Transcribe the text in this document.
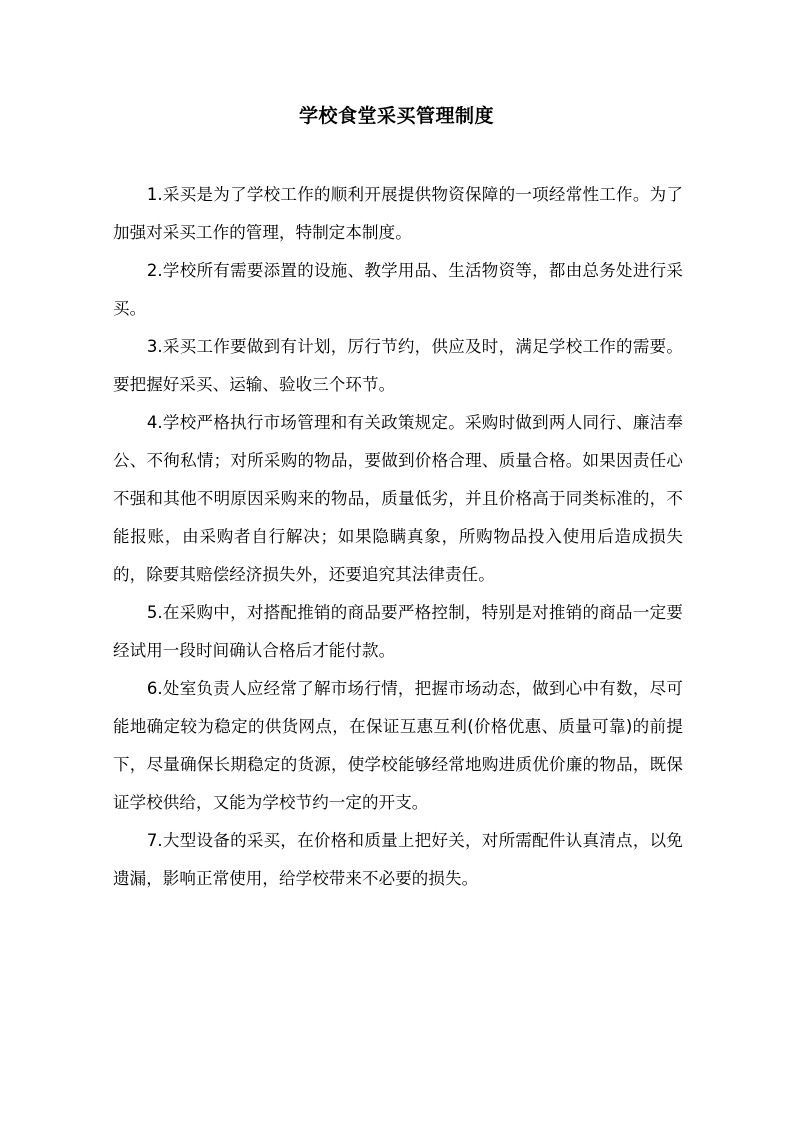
学校食堂采买管理制度

1.采买是为了学校工作的顺利开展提供物资保障的一项经常性工作。为了加强对采买工作的管理，特制定本制度。

2.学校所有需要添置的设施、教学用品、生活物资等，都由总务处进行采买。

3.采买工作要做到有计划，厉行节约，供应及时，满足学校工作的需要。要把握好采买、运输、验收三个环节。

4.学校严格执行市场管理和有关政策规定。采购时做到两人同行、廉洁奉公、不徇私情；对所采购的物品，要做到价格合理、质量合格。如果因责任心不强和其他不明原因采购来的物品，质量低劣，并且价格高于同类标准的，不能报账，由采购者自行解决；如果隐瞒真象，所购物品投入使用后造成损失的，除要其赔偿经济损失外，还要追究其法律责任。

5.在采购中，对搭配推销的商品要严格控制，特别是对推销的商品一定要经试用一段时间确认合格后才能付款。

6.处室负责人应经常了解市场行情，把握市场动态，做到心中有数，尽可能地确定较为稳定的供货网点，在保证互惠互利(价格优惠、质量可靠)的前提下，尽量确保长期稳定的货源，使学校能够经常地购进质优价廉的物品，既保证学校供给，又能为学校节约一定的开支。

7.大型设备的采买，在价格和质量上把好关，对所需配件认真清点，以免遗漏，影响正常使用，给学校带来不必要的损失。
